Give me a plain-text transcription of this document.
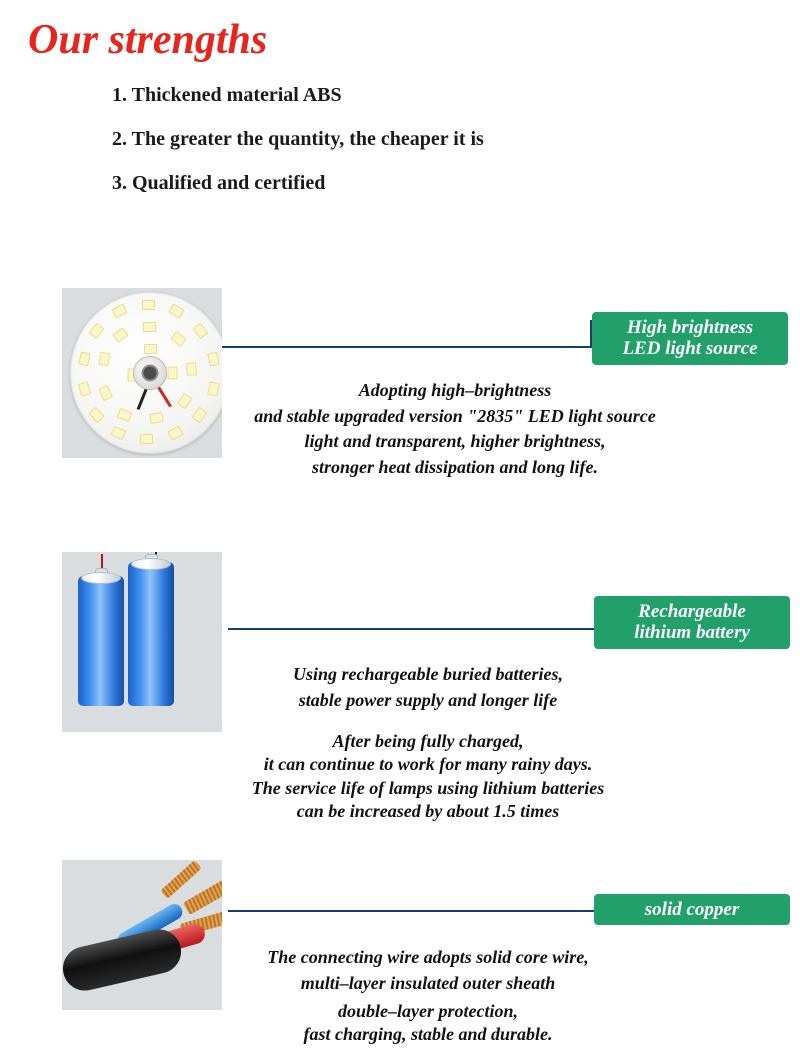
Our strengths
1. Thickened material ABS
2. The greater the quantity, the cheaper it is
3. Qualified and certified
High brightness
LED light source
Adopting high–brightness
and stable upgraded version "2835" LED light source
light and transparent, higher brightness,
stronger heat dissipation and long life.
Rechargeable
lithium battery
Using rechargeable buried batteries,
stable power supply and longer life
After being fully charged,
it can continue to work for many rainy days.
The service life of lamps using lithium batteries
can be increased by about 1.5 times
solid copper
The connecting wire adopts solid core wire,
multi–layer insulated outer sheath
double–layer protection,
fast charging, stable and durable.
